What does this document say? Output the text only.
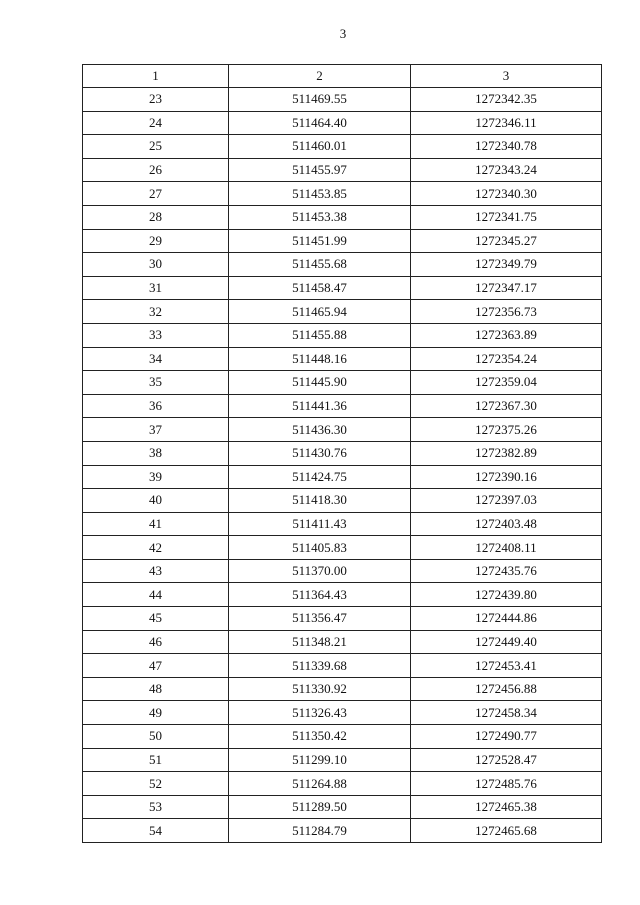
3
1	2	3
23	511469.55	1272342.35
24	511464.40	1272346.11
25	511460.01	1272340.78
26	511455.97	1272343.24
27	511453.85	1272340.30
28	511453.38	1272341.75
29	511451.99	1272345.27
30	511455.68	1272349.79
31	511458.47	1272347.17
32	511465.94	1272356.73
33	511455.88	1272363.89
34	511448.16	1272354.24
35	511445.90	1272359.04
36	511441.36	1272367.30
37	511436.30	1272375.26
38	511430.76	1272382.89
39	511424.75	1272390.16
40	511418.30	1272397.03
41	511411.43	1272403.48
42	511405.83	1272408.11
43	511370.00	1272435.76
44	511364.43	1272439.80
45	511356.47	1272444.86
46	511348.21	1272449.40
47	511339.68	1272453.41
48	511330.92	1272456.88
49	511326.43	1272458.34
50	511350.42	1272490.77
51	511299.10	1272528.47
52	511264.88	1272485.76
53	511289.50	1272465.38
54	511284.79	1272465.68
